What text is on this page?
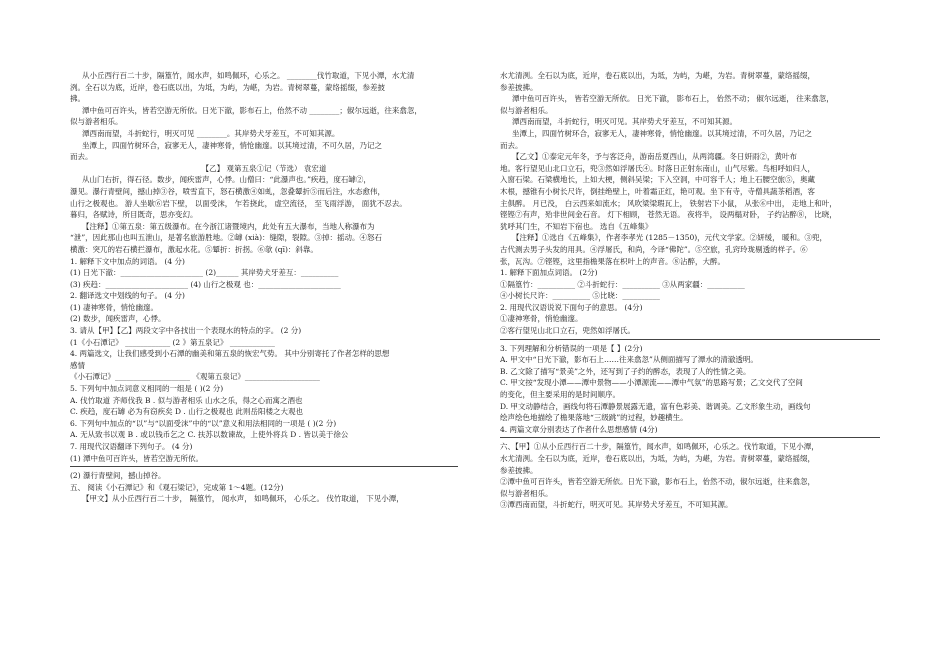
从小丘西行百二十步，隔篁竹，闻水声，如鸣佩环，心乐之。 ________伐竹取道，下见小潭，水尤清
洌。全石以为底，近岸，卷石底以出，为坻，为屿，为嵁，为岩。青树翠蔓，蒙络摇缀，参差披
拂。
潭中鱼可百许头，皆若空游无所依。日光下澈，影布石上，佁然不动 ________；俶尔远逝，往来翕忽，
似与游者相乐。
潭西南而望，斗折蛇行，明灭可见 ________。其岸势犬牙差互，不可知其源。
坐潭上，四面竹树环合，寂寥无人，凄神寒骨，悄怆幽邃。以其境过清，不可久居，乃记之
而去。
【乙】 观第五泉①记（节选） 袁宏道
从山门右折，得石径。数步，闻疾雷声，心悸。山僧曰：“此瀑声也。”疾趋，度石罅②，
瀑见。瀑行青壁间，撼山掉③谷，喷雪直下，怒石横激④如虬，忽叠颦折⑤而后注，水态愈伟，
山行之极观也。 游人坐歇⑥岩下壁， 以面受沫， 乍若挠此， 虚空流径， 至飞雨浮游， 面犹不忍去。
暮归，各赋诗，所目既奇，思亦变幻。
【注释】①第五泉：第五级瀑布。在今浙江诸暨境内，此处有五大瀑布，当地人称瀑布为
“泄”，因此那山也叫五泄山，是著名旅游胜地。②罅 (xià)：缝隙，裂隙。③掉：摇动。④怒石
横激：突兀的岩石横拦瀑布，激起水花。⑤颦折：折拐。⑥欹 (qī)：斜靠。
1. 解释下文中加点的词语。 (4 分)
(1) 日光下澈：______________________ (2)______ 其岸势犬牙差互：__________
(3) 疾趋：______________________ (4) 山行之极观 也：______________________
2. 翻译选文中划线的句子。 (4 分)
(1) 凄神寒骨，悄怆幽邃。
(2) 数步，闻疾雷声，心悸。
3. 请从【甲】【乙】两段文字中各找出一个表现水的特点的字。 (2 分)
(1《小石潭记》 ____________ (2 》第五泉记》 ____________
4. 两篇选文，让我们感受到小石潭的幽美和第五泉的恢宏气势。 其中分别寄托了作者怎样的思想
感情
《小石潭记》____________________ 《观第五泉记》____________________
5. 下列句中加点词意义相同的一组是 ( )(2 分)
A. 伐竹取道 齐师伐我 B . 似与游者相乐 山水之乐，得之心而寓之酒也
C. 疾趋，度石罅 必为有窃疾矣 D . 山行之极观也 此则岳阳楼之大观也
6. 下列句中加点的“以”与“以面受沫”中的“以”意义和用法相同的一项是 ( )(2 分)
A. 无从致书以观 B . 或以钱币乞之 C. 扶苏以数谏故，上使外将兵 D . 皆以美于徐公
7. 用现代汉语翻译下列句子。 (4 分)
(1) 潭中鱼可百许头，皆若空游无所依。
(2) 瀑行青壁间，撼山掉谷。
五、 阅读《小石潭记》和《观石梁记》，完成第 1～4题。(12分)
【甲文】从小丘西行百二十步， 隔篁竹， 闻水声， 如鸣佩环， 心乐之。 伐竹取道， 下见小潭，
水尤清洌。全石以为底，近岸，卷石底以出，为坻，为屿，为嵁，为岩。青树翠蔓，蒙络摇缀，
参差披拂。
潭中鱼可百许头， 皆若空游无所依。 日光下澈， 影布石上， 佁然不动； 俶尔远逝， 往来翕忽，
似与游者相乐。
潭西南而望，斗折蛇行，明灭可见。其岸势犬牙差互，不可知其源。
坐潭上，四面竹树环合，寂寥无人，凄神寒骨，悄怆幽邃。以其境过清，不可久居，乃记之
而去。
【乙文】①泰定元年冬，予与客泛舟，游南岳夏西山，从两湾疆。冬日妍雨②，黄叶布
地。客行望见山北口立石，兜③然如浮屠氏④。时落日正射东南山，山气尽紫。鸟相呼如归人，
入窗石梁。石梁横地长，上如大梗，侧斜吴梁；下入空洞，中可容千人；地上石腰空旅⑤，奥藏
木根，撼锥有小树长尺许，倒挂绝壁上，叶着霜正红，艳可观。坐下有寺，寺僧具蔬茶稻酒，客
主俱醉。 月已没， 白云西来如流水； 风吹梁梁瑕瓦上， 铁射岩下小鼠， 从张⑥中出， 走地上和叶，
铿铿⑦有声，殆非世间金石音。 灯下相顾， 苍然无语。 夜将半， 设两榻对卧， 子约沾醉⑧， 比晓，
犹呼其门生，不知岩下宿也。 选自《五峰集》
【注释】①选自《五峰集》，作者李孝光 (1285－1350)，元代文学家。②妍缓， 暖和。③兜，
古代测去男子头发的用具。④浮屠氏，和尚，今译“佛陀”。⑤空旅，孔窍玲珑剔透的样子。⑥
张，瓦沟。⑦铿铿，这里指檐果落在枳叶上的声音。⑧沾醉，大醉。
1. 解释下面加点词语。 (2分)
①隔篁竹：__________ ②斗折蛇行：__________ ③从两家疆：__________
④小树长尺许：__________ ⑤比晓：__________
2. 用现代汉语说说下面句子的意思。 (4分)
①凄神寒骨，悄怆幽邃。
②客行望见山北口立石，兜然如浮屠氏。
3. 下列理解和分析错误的一项是【 】(2分)
A. 甲文中“日光下澈，影布石上……往来翕忽”从侧面描写了潭水的清澈透明。
B. 乙文除了描写“景美”之外，还写到了子约的醉态，表现了人的性情之美。
C. 甲文按“发现小潭——潭中景物——小潭源流——潭中气氛”的思路写景；乙文交代了空间
的变化，但主要采用的是时间顺序。
D. 甲文动静结合，画线句将石潭静景展露无遗，富有色彩美、谐调美。乙文形象生动，画线句
绘声绘色地描绘了檐果落地“三级跳”的过程，妙趣横生。
4. 两篇文章分别表达了作者什么思想感情 (4分)
六、【甲】①从小丘西行百二十步，隔篁竹，闻水声，如鸣佩环，心乐之。伐竹取道，下见小潭，
水尤清洌。全石以为底，近岸，卷石底以出，为坻，为屿，为嵁，为岩。青树翠蔓，蒙络摇缀，
参差披拂。
②潭中鱼可百许头，皆若空游无所依。日光下澈，影布石上，佁然不动，俶尔远逝，往来翕忽，
似与游者相乐。
③潭西南而望，斗折蛇行，明灭可见。其岸势犬牙差互，不可知其源。
